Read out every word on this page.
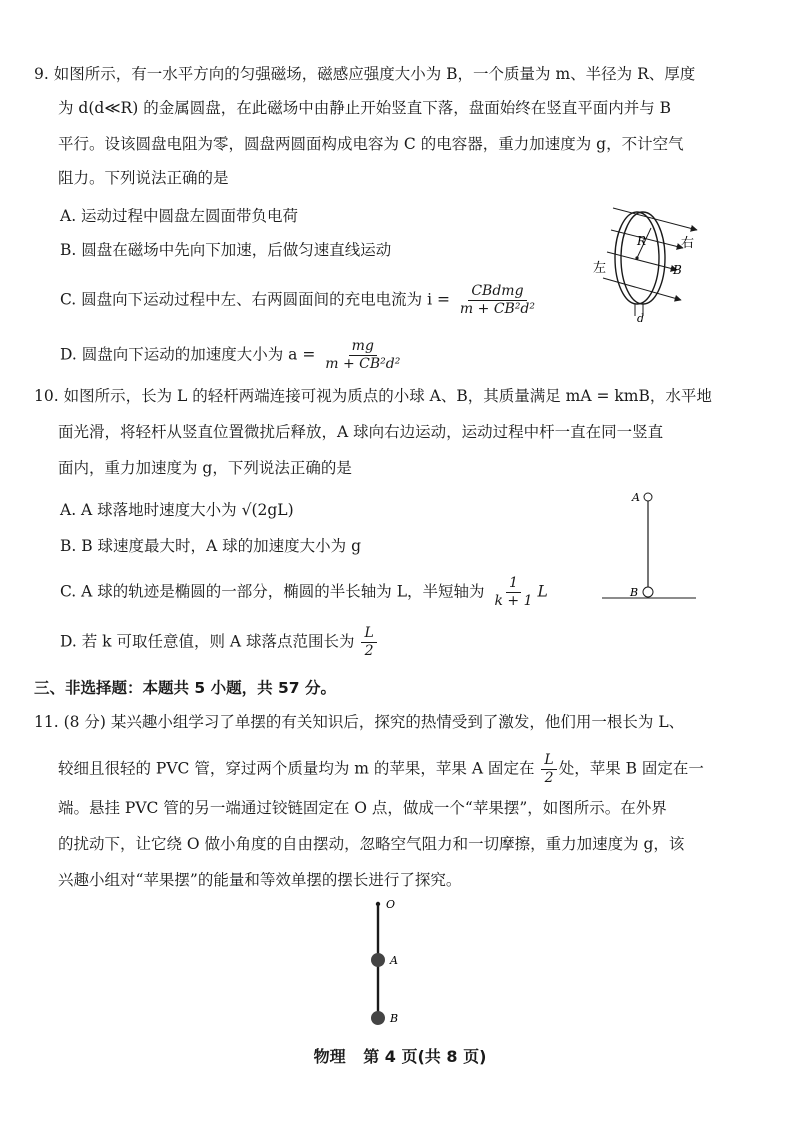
9. 如图所示，有一水平方向的匀强磁场，磁感应强度大小为 B，一个质量为 m、半径为 R、厚度
为 d(d≪R) 的金属圆盘，在此磁场中由静止开始竖直下落，盘面始终在竖直平面内并与 B
平行。设该圆盘电阻为零，圆盘两圆面构成电容为 C 的电容器，重力加速度为 g，不计空气
阻力。下列说法正确的是
A. 运动过程中圆盘左圆面带负电荷
B. 圆盘在磁场中先向下加速，后做匀速直线运动
C. 圆盘向下运动过程中左、右两圆面间的充电电流为 $i = \frac{\text{CBdmg}}{\text{m + CB²d²}}$
D. 圆盘向下运动的加速度大小为 $a = \frac{mg}{\text{m + CB²d²}}$
R
B
左
右
d
10. 如图所示，长为 L 的轻杆两端连接可视为质点的小球 A、B，其质量满足 mA = kmB，水平地
面光滑，将轻杆从竖直位置微扰后释放，A 球向右边运动，运动过程中杆一直在同一竖直
面内，重力加速度为 g，下列说法正确的是
A. A 球落地时速度大小为 √(2gL)
B. B 球速度最大时，A 球的加速度大小为 g
C. A 球的轨迹是椭圆的一部分，椭圆的半长轴为 L，半短轴为 $\frac{1}{k + 1}$ L
D. 若 k 可取任意值，则 A 球落点范围长为 $\frac{L}{2}$
A
B
三、非选择题：本题共 5 小题，共 57 分。
11. (8 分) 某兴趣小组学习了单摆的有关知识后，探究的热情受到了激发，他们用一根长为 L、
较细且很轻的 PVC 管，穿过两个质量均为 m 的苹果，苹果 A 固定在 $\frac{L}{2}$ 处，苹果 B 固定在一
端。悬挂 PVC 管的另一端通过铰链固定在 O 点，做成一个“苹果摆”，如图所示。在外界
的扰动下，让它绕 O 做小角度的自由摆动，忽略空气阻力和一切摩擦，重力加速度为 g，该
兴趣小组对“苹果摆”的能量和等效单摆的摆长进行了探究。
O
A
B
物理 第 4 页(共 8 页)
